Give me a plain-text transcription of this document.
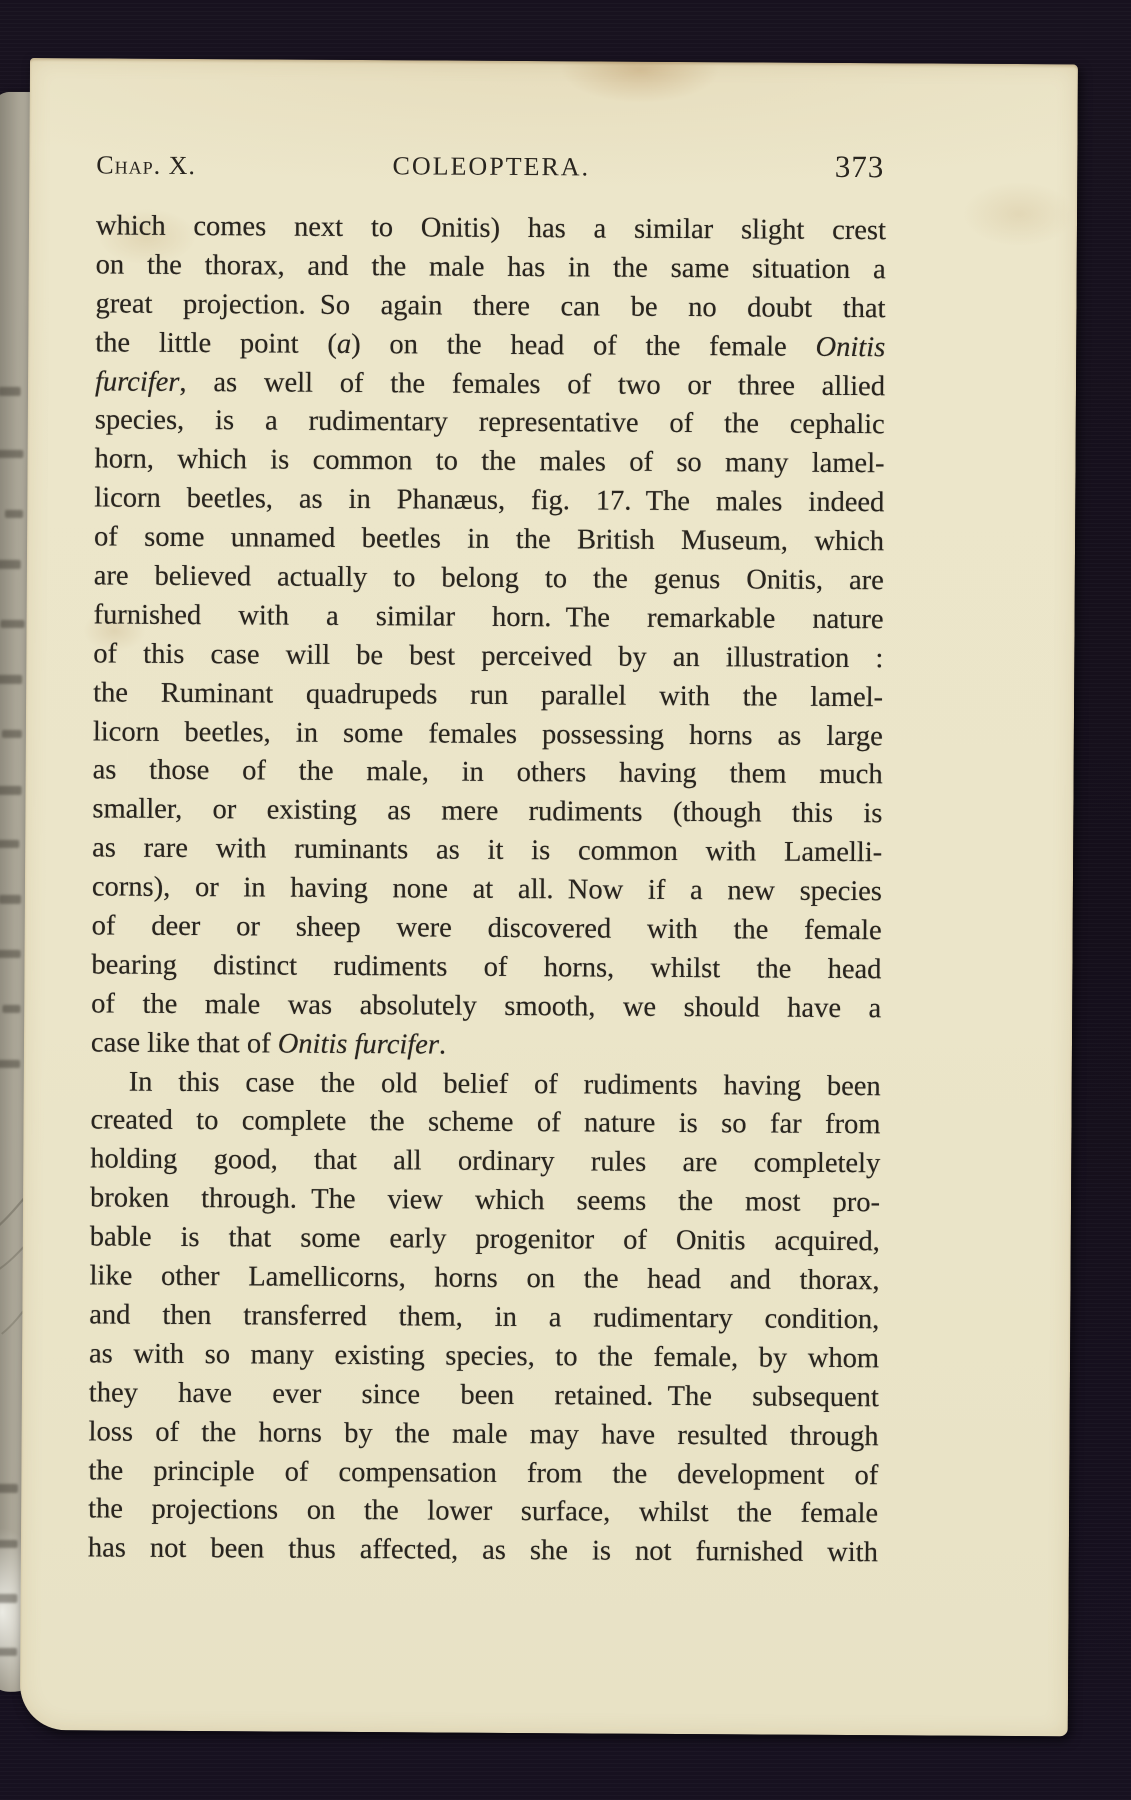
Chap. X.	COLEOPTERA.	373
which comes next to Onitis) has a similar slight crest
on the thorax, and the male has in the same situation a
great projection. So again there can be no doubt that
the little point (a) on the head of the female Onitis
furcifer, as well of the females of two or three allied
species, is a rudimentary representative of the cephalic
horn, which is common to the males of so many lamel-
licorn beetles, as in Phanæus, fig. 17. The males indeed
of some unnamed beetles in the British Museum, which
are believed actually to belong to the genus Onitis, are
furnished with a similar horn. The remarkable nature
of this case will be best perceived by an illustration :
the Ruminant quadrupeds run parallel with the lamel-
licorn beetles, in some females possessing horns as large
as those of the male, in others having them much
smaller, or existing as mere rudiments (though this is
as rare with ruminants as it is common with Lamelli-
corns), or in having none at all. Now if a new species
of deer or sheep were discovered with the female
bearing distinct rudiments of horns, whilst the head
of the male was absolutely smooth, we should have a
case like that of Onitis furcifer.
In this case the old belief of rudiments having been
created to complete the scheme of nature is so far from
holding good, that all ordinary rules are completely
broken through. The view which seems the most pro-
bable is that some early progenitor of Onitis acquired,
like other Lamellicorns, horns on the head and thorax,
and then transferred them, in a rudimentary condition,
as with so many existing species, to the female, by whom
they have ever since been retained. The subsequent
loss of the horns by the male may have resulted through
the principle of compensation from the development of
the projections on the lower surface, whilst the female
has not been thus affected, as she is not furnished with
